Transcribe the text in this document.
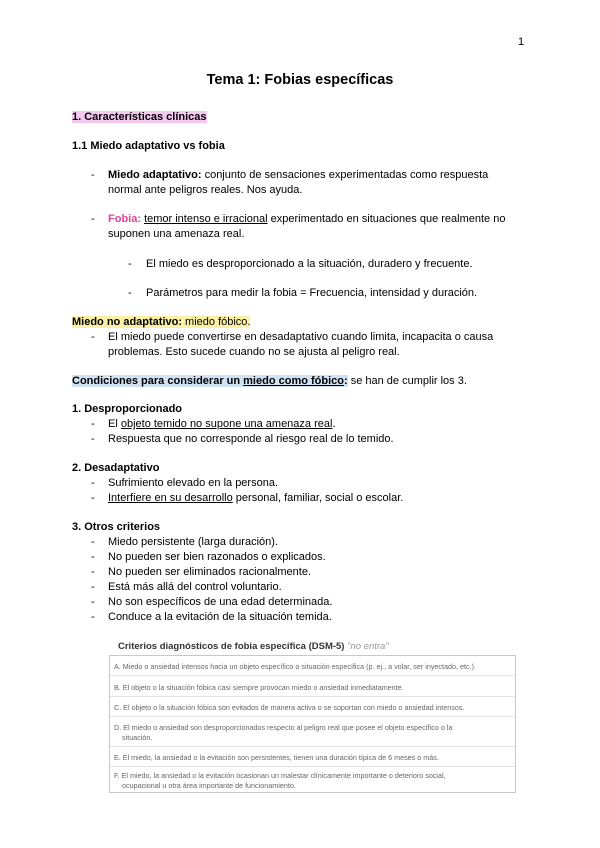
1
Tema 1: Fobias específicas
1. Características clínicas
1.1 Miedo adaptativo vs fobia
- Miedo adaptativo: conjunto de sensaciones experimentadas como respuesta
normal ante peligros reales. Nos ayuda.
- Fobia: temor intenso e irracional experimentado en situaciones que realmente no
suponen una amenaza real.
- El miedo es desproporcionado a la situación, duradero y frecuente.
- Parámetros para medir la fobia = Frecuencia, intensidad y duración.
Miedo no adaptativo: miedo fóbico.
- El miedo puede convertirse en desadaptativo cuando limita, incapacita o causa
problemas. Esto sucede cuando no se ajusta al peligro real.
Condiciones para considerar un miedo como fóbico: se han de cumplir los 3.
1. Desproporcionado
- El objeto temido no supone una amenaza real.
- Respuesta que no corresponde al riesgo real de lo temido.
2. Desadaptativo
- Sufrimiento elevado en la persona.
- Interfiere en su desarrollo personal, familiar, social o escolar.
3. Otros criterios
- Miedo persistente (larga duración).
- No pueden ser bien razonados o explicados.
- No pueden ser eliminados racionalmente.
- Está más allá del control voluntario.
- No son específicos de una edad determinada.
- Conduce a la evitación de la situación temida.
Criterios diagnósticos de fobia específica (DSM-5) "no entra"
A. Miedo o ansiedad intensos hacia un objeto específico o situación específica (p. ej., a volar, ser inyectado, etc.).
B. El objeto o la situación fóbica casi siempre provocan miedo o ansiedad inmediatamente.
C. El objeto o la situación fóbica son evitados de manera activa o se soportan con miedo o ansiedad intensos.
D. El miedo o ansiedad son desproporcionados respecto al peligro real que posee el objeto específico o la
situación.
E. El miedo, la ansiedad o la evitación son persistentes, tienen una duración típica de 6 meses o más.
F. El miedo, la ansiedad o la evitación ocasionan un malestar clínicamente importante o deterioro social,
ocupacional u otra área importante de funcionamiento.
